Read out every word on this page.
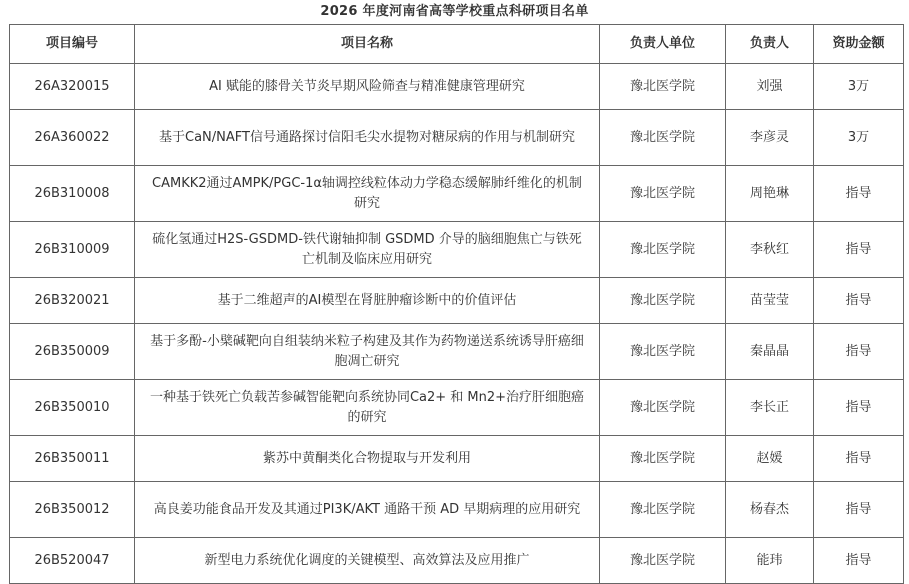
2026 年度河南省高等学校重点科研项目名单
项目编号	项目名称	负责人单位	负责人	资助金额
26A320015	AI 赋能的膝骨关节炎早期风险筛查与精准健康管理研究	豫北医学院	刘强	3万
26A360022	基于CaN/NAFT信号通路探讨信阳毛尖水提物对糖尿病的作用与机制研究	豫北医学院	李彦灵	3万
26B310008	CAMKK2通过AMPK/PGC-1α轴调控线粒体动力学稳态缓解肺纤维化的机制研究	豫北医学院	周艳琳	指导
26B310009	硫化氢通过H2S-GSDMD-铁代谢轴抑制 GSDMD 介导的脑细胞焦亡与铁死亡机制及临床应用研究	豫北医学院	李秋红	指导
26B320021	基于二维超声的AI模型在肾脏肿瘤诊断中的价值评估	豫北医学院	苗莹莹	指导
26B350009	基于多酚-小檗碱靶向自组装纳米粒子构建及其作为药物递送系统诱导肝癌细胞凋亡研究	豫北医学院	秦晶晶	指导
26B350010	一种基于铁死亡负载苦参碱智能靶向系统协同Ca2+ 和 Mn2+治疗肝细胞癌的研究	豫北医学院	李长正	指导
26B350011	紫苏中黄酮类化合物提取与开发利用	豫北医学院	赵媛	指导
26B350012	高良姜功能食品开发及其通过PI3K/AKT 通路干预 AD 早期病理的应用研究	豫北医学院	杨春杰	指导
26B520047	新型电力系统优化调度的关键模型、高效算法及应用推广	豫北医学院	能玮	指导
